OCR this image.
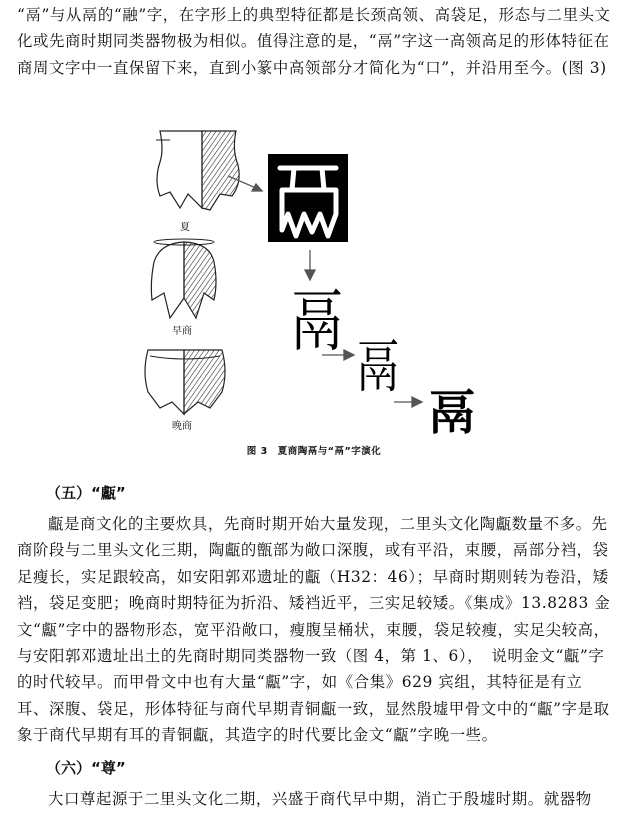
“鬲”与从鬲的“融”字，在字形上的典型特征都是长颈高领、高袋足，形态与二里头文化或先商时期同类器物极为相似。值得注意的是，“鬲”字这一高领高足的形体特征在商周文字中一直保留下来，直到小篆中高领部分才简化为“口”，并沿用至今。(图 3)

夏
早商
晚商
鬲
鬲
鬲
图 3　夏商陶鬲与“鬲”字演化

（五）“甗”

甗是商文化的主要炊具，先商时期开始大量发现，二里头文化陶甗数量不多。先商阶段与二里头文化三期，陶甗的甑部为敞口深腹，或有平沿，束腰，鬲部分裆，袋足瘦长，实足跟较高，如安阳郭邓遗址的甗（H32：46）；早商时期则转为卷沿，矮裆，袋足变肥；晚商时期特征为折沿、矮裆近平，三实足较矮。《集成》13.8283 金文“甗”字中的器物形态，宽平沿敞口，瘦腹呈桶状，束腰，袋足较瘦，实足尖较高，与安阳郭邓遗址出土的先商时期同类器物一致（图 4，第 1、6），　说明金文“甗”字的时代较早。而甲骨文中也有大量“甗”字，如《合集》629 宾组，其特征是有立耳、深腹、袋足，形体特征与商代早期青铜甗一致，显然殷墟甲骨文中的“甗”字是取象于商代早期有耳的青铜甗，其造字的时代要比金文“甗”字晚一些。

（六）“尊”

大口尊起源于二里头文化二期，兴盛于商代早中期，消亡于殷墟时期。就器物
